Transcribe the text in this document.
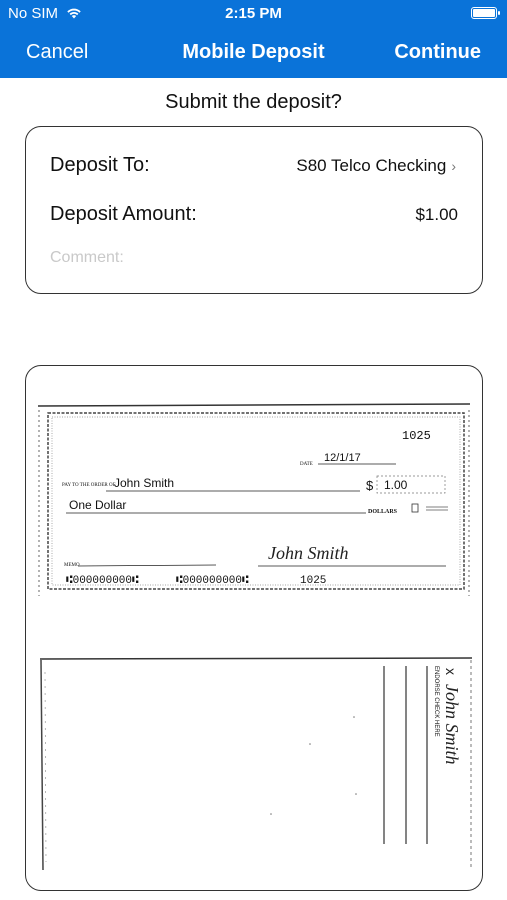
No SIM	2:15 PM
Cancel	Mobile Deposit	Continue
Submit the deposit?
Deposit To:	S80 Telco Checking ›
Deposit Amount:	$1.00
Comment:
1025
DATE
12/1/17
PAY TO THE ORDER OF
John Smith	$ 1.00
One Dollar	DOLLARS
MEMO
John Smith
⑆000000000⑆	⑆000000000⑆	1025
ENDORSE CHECK HERE x
John Smith
